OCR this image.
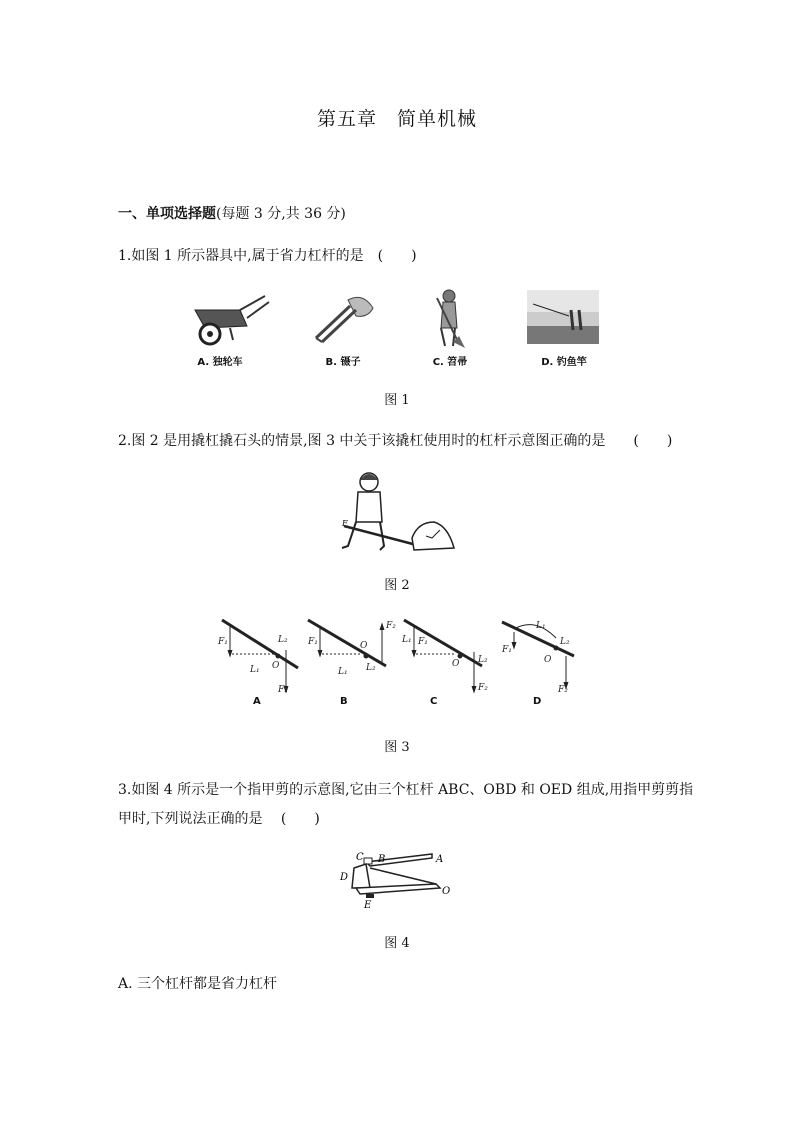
第五章　简单机械
一、单项选择题(每题 3 分,共 36 分)
1.如图 1 所示器具中,属于省力杠杆的是　(　　)
A. 独轮车	B. 镊子	C. 笤帚	D. 钓鱼竿
图 1
2.图 2 是用撬杠撬石头的情景,图 3 中关于该撬杠使用时的杠杆示意图正确的是　　(　　)
F
图 2
F₁
L₁
L₂
O
F₂
F₁
L₁
F₂
O
L₂
L₁ F₁
O L₂
F₂
L₁
F₁
L₂
O
F₂
A	B	C	D
图 3
3.如图 4 所示是一个指甲剪的示意图,它由三个杠杆 ABC、OBD 和 OED 组成,用指甲剪剪指
甲时,下列说法正确的是　 (　　)
C B	A
D
O
E
图 4
A. 三个杠杆都是省力杠杆
